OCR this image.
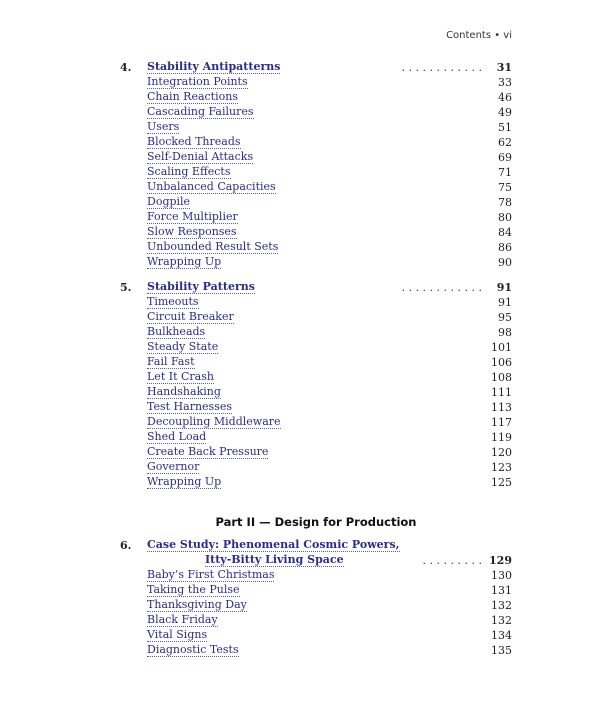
Contents • vi
4. Stability Antipatterns	. . . . . . . . . . . . 31
Integration Points	33
Chain Reactions	46
Cascading Failures	49
Users	51
Blocked Threads	62
Self-Denial Attacks	69
Scaling Effects	71
Unbalanced Capacities	75
Dogpile	78
Force Multiplier	80
Slow Responses	84
Unbounded Result Sets	86
Wrapping Up	90
5. Stability Patterns	. . . . . . . . . . . . 91
Timeouts	91
Circuit Breaker	95
Bulkheads	98
Steady State	101
Fail Fast	106
Let It Crash	108
Handshaking	111
Test Harnesses	113
Decoupling Middleware	117
Shed Load	119
Create Back Pressure	120
Governor	123
Wrapping Up	125
Part II — Design for Production
6. Case Study: Phenomenal Cosmic Powers,
Itty-Bitty Living Space	. . . . . . . . . 129
Baby’s First Christmas	130
Taking the Pulse	131
Thanksgiving Day	132
Black Friday	132
Vital Signs	134
Diagnostic Tests	135
